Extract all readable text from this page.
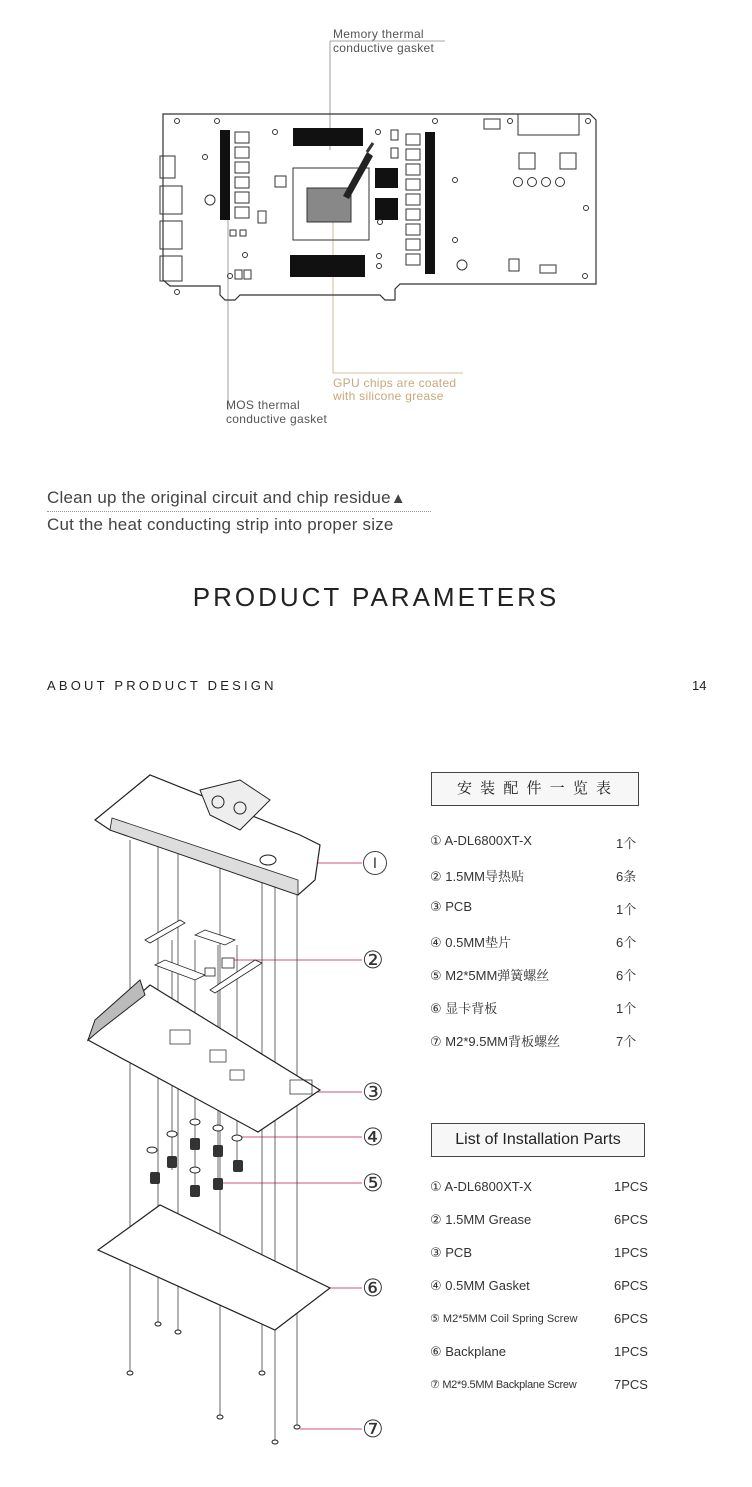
Memory thermal
conductive gasket
GPU chips are coated
with silicone grease
MOS thermal
conductive gasket
Clean up the original circuit and chip residue▲
Cut the heat conducting strip into proper size
PRODUCT PARAMETERS
ABOUT PRODUCT DESIGN	14
Ⅰ
②
③
④
⑤
⑥
⑦
安 装 配 件 一 览 表
① A-DL6800XT-X	1个
② 1.5MM导热贴	6条
③ PCB	1个
④ 0.5MM垫片	6个
⑤ M2*5MM弹簧螺丝	6个
⑥ 显卡背板	1个
⑦ M2*9.5MM背板螺丝	7个
List of Installation Parts
① A-DL6800XT-X	1PCS
② 1.5MM Grease	6PCS
③ PCB	1PCS
④ 0.5MM Gasket	6PCS
⑤ M2*5MM Coil Spring Screw	6PCS
⑥ Backplane	1PCS
⑦ M2*9.5MM Backplane Screw	7PCS
